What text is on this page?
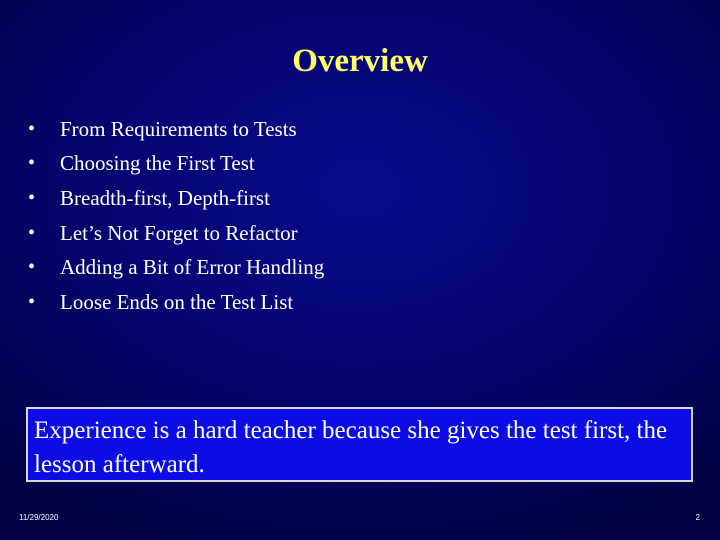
Overview
•	From Requirements to Tests
•	Choosing the First Test
•	Breadth-first, Depth-first
•	Let’s Not Forget to Refactor
•	Adding a Bit of Error Handling
•	Loose Ends on the Test List
Experience is a hard teacher because she gives the test first, the lesson afterward.
11/29/2020	2
